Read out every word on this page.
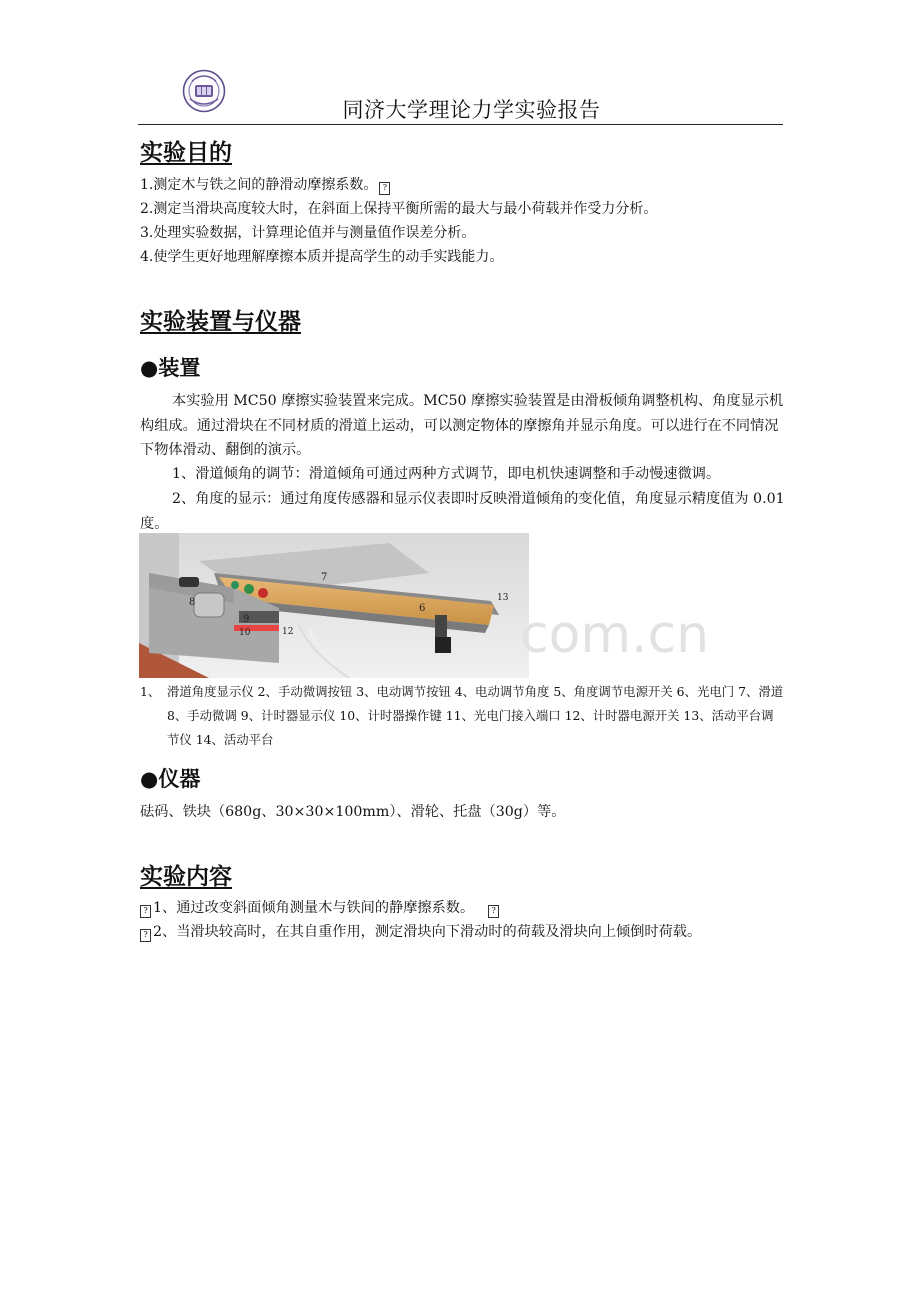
同济大学理论力学实验报告
实验目的
1.测定木与铁之间的静滑动摩擦系数。 ?
2.测定当滑块高度较大时，在斜面上保持平衡所需的最大与最小荷载并作受力分析。
3.处理实验数据，计算理论值并与测量值作误差分析。
4.使学生更好地理解摩擦本质并提高学生的动手实践能力。
实验装置与仪器
●装置
本实验用 MC50 摩擦实验装置来完成。MC50 摩擦实验装置是由滑板倾角调整机构、角度显示机构组成。通过滑块在不同材质的滑道上运动，可以测定物体的摩擦角并显示角度。可以进行在不同情况下物体滑动、翻倒的演示。
1、滑道倾角的调节：滑道倾角可通过两种方式调节，即电机快速调整和手动慢速微调。
2、角度的显示：通过角度传感器和显示仪表即时反映滑道倾角的变化值，角度显示精度值为 0.01 度。
7
6
13
8
9
10	12	com.cn
1、 滑道角度显示仪 2、手动微调按钮 3、电动调节按钮 4、电动调节角度 5、角度调节电源开关 6、光电门 7、滑道 8、手动微调 9、计时器显示仪 10、计时器操作键 11、光电门接入端口 12、计时器电源开关 13、活动平台调节仪 14、活动平台
●仪器
砝码、铁块（680g、30×30×100mm）、滑轮、托盘（30g）等。
实验内容
? 1、通过改变斜面倾角测量木与铁间的静摩擦系数。 ?
? 2、当滑块较高时，在其自重作用，测定滑块向下滑动时的荷载及滑块向上倾倒时荷载。
